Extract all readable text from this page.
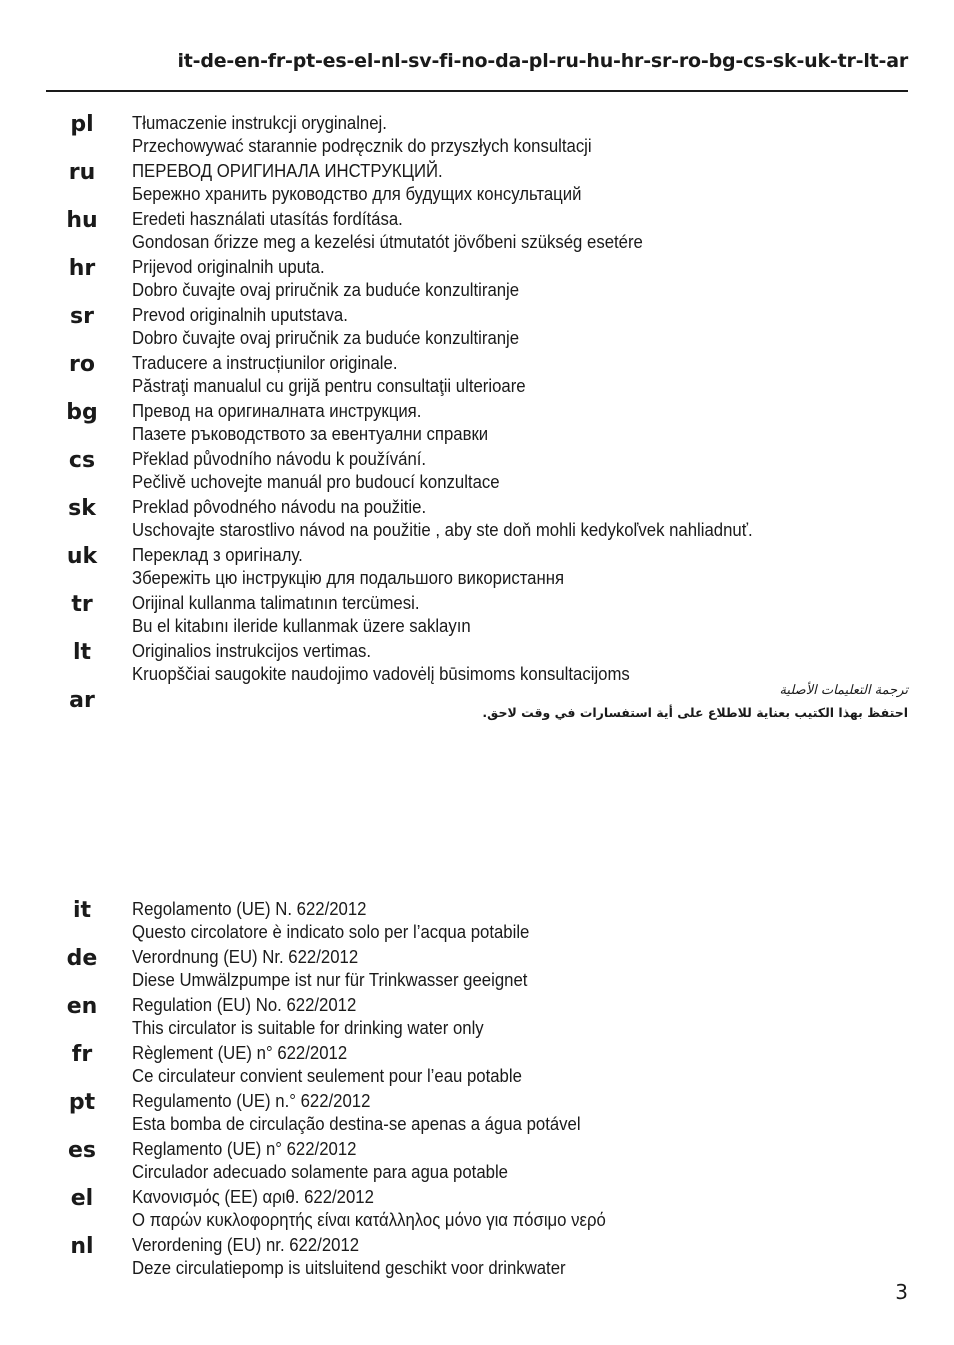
it-de-en-fr-pt-es-el-nl-sv-fi-no-da-pl-ru-hu-hr-sr-ro-bg-cs-sk-uk-tr-lt-ar
pl	Tłumaczenie instrukcji oryginalnej.
Przechowywać starannie podręcznik do przyszłych konsultacji
ru	ПЕРЕВОД ОРИГИНАЛА ИНСТРУКЦИЙ.
Бережно хранить руководство для будущих консультаций
hu	Eredeti használati utasítás fordítása.
Gondosan őrizze meg a kezelési útmutatót jövőbeni szükség esetére
hr	Prijevod originalnih uputa.
Dobro čuvajte ovaj priručnik za buduće konzultiranje
sr	Prevod originalnih uputstava.
Dobro čuvajte ovaj priručnik za buduće konzultiranje
ro	Traducere a instrucțiunilor originale.
Păstraţi manualul cu grijă pentru consultaţii ulterioare
bg	Превод на оригиналната инструкция.
Пазете ръководството за евентуални справки
cs	Překlad původního návodu k používání.
Pečlivě uchovejte manuál pro budoucí konzultace
sk	Preklad pôvodného návodu na použitie.
Uschovajte starostlivo návod na použitie , aby ste doň mohli kedykoľvek nahliadnuť.
uk	Переклад з оригіналу.
Збережіть цю інструкцію для подальшого використання
tr	Orijinal kullanma talimatının tercümesi.
Bu el kitabını ileride kullanmak üzere saklayın
lt	Originalios instrukcijos vertimas.
Kruopščiai saugokite naudojimo vadovėlį būsimoms konsultacijoms
ar	ترجمة التعليمات الأصلية
احتفظ بهذا الكتيب بعناية للاطلاع على أية استفسارات في وقت لاحق.
it	Regolamento (UE) N. 622/2012
Questo circolatore è indicato solo per l’acqua potabile
de	Verordnung (EU) Nr. 622/2012
Diese Umwälzpumpe ist nur für Trinkwasser geeignet
en	Regulation (EU) No. 622/2012
This circulator is suitable for drinking water only
fr	Règlement (UE) n° 622/2012
Ce circulateur convient seulement pour l’eau potable
pt	Regulamento (UE) n.° 622/2012
Esta bomba de circulação destina-se apenas a água potável
es	Reglamento (UE) n° 622/2012
Circulador adecuado solamente para agua potable
el	Κανονισμός (ΕΕ) αριθ. 622/2012
Ο παρών κυκλοφορητής είναι κατάλληλος μόνο για πόσιμο νερό
nl	Verordening (EU) nr. 622/2012
Deze circulatiepomp is uitsluitend geschikt voor drinkwater
3
